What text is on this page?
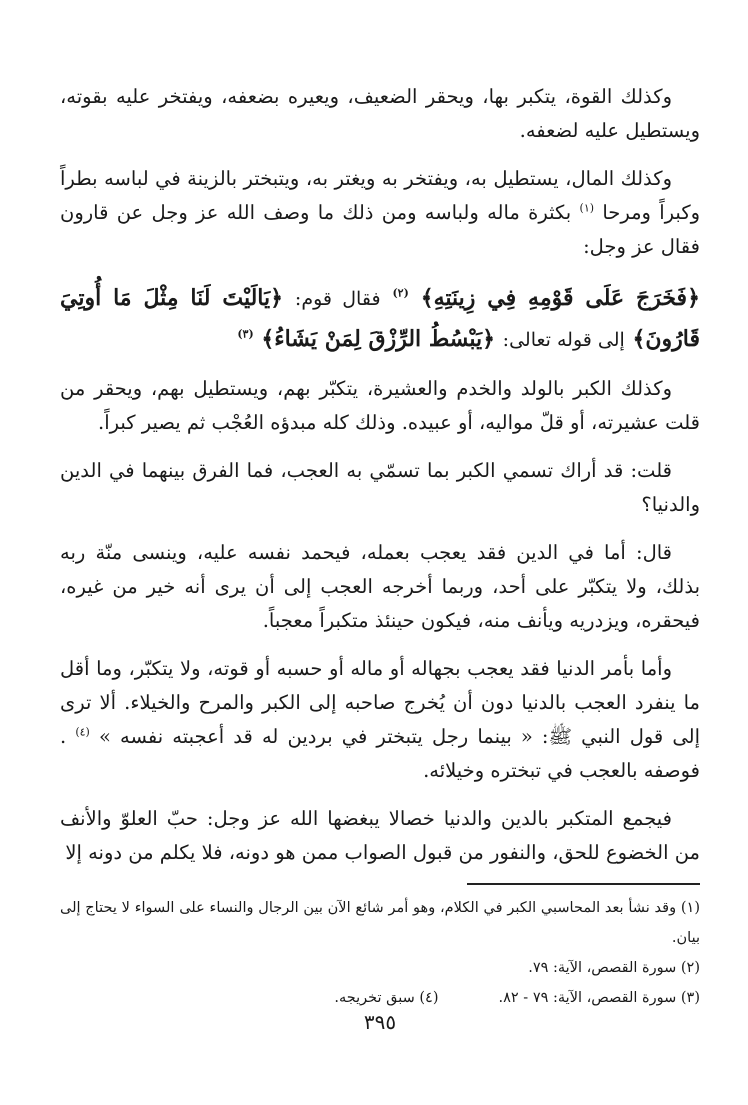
وكذلك القوة، يتكبر بها، ويحقر الضعيف، ويعيره بضعفه، ويفتخر عليه بقوته، ويستطيل عليه لضعفه.

وكذلك المال، يستطيل به، ويفتخر به ويغتر به، ويتبختر بالزينة في لباسه بطراً وكبراً ومرحا $^{(١)}$ بكثرة ماله ولباسه ومن ذلك ما وصف الله عز وجل عن قارون فقال عز وجل:

﴿فَخَرَجَ عَلَى قَوْمِهِ فِي زِينَتِهِ﴾ $^{(٢)}$ فقال قوم: ﴿يَالَيْتَ لَنَا مِثْلَ مَا أُوتِيَ قَارُونَ﴾ إلى قوله تعالى: ﴿يَبْسُطُ الرِّزْقَ لِمَنْ يَشَاءُ﴾ $^{(٣)}$

وكذلك الكبر بالولد والخدم والعشيرة، يتكبّر بهم، ويستطيل بهم، ويحقر من قلت عشيرته، أو قلّ مواليه، أو عبيده. وذلك كله مبدؤه العُجْب ثم يصير كبراً.

قلت: قد أراك تسمي الكبر بما تسمّي به العجب، فما الفرق بينهما في الدين والدنيا؟

قال: أما في الدين فقد يعجب بعمله، فيحمد نفسه عليه، وينسى منّة ربه بذلك، ولا يتكبّر على أحد، وربما أخرجه العجب إلى أن يرى أنه خير من غيره، فيحقره، ويزدريه ويأنف منه، فيكون حينئذ متكبراً معجباً.

وأما بأمر الدنيا فقد يعجب بجهاله أو ماله أو حسبه أو قوته، ولا يتكبّر، وما أقل ما ينفرد العجب بالدنيا دون أن يُخرج صاحبه إلى الكبر والمرح والخيلاء. ألا ترى إلى قول النبي ﷺ: « بينما رجل يتبختر في بردين له قد أعجبته نفسه » $^{(٤)}$ . فوصفه بالعجب في تبختره وخيلائه.

فيجمع المتكبر بالدين والدنيا خصالا يبغضها الله عز وجل: حبّ العلوّ والأنف من الخضوع للحق، والنفور من قبول الصواب ممن هو دونه، فلا يكلم من دونه إلا

(١) وقد نشأ بعد المحاسبي الكبر في الكلام، وهو أمر شائع الآن بين الرجال والنساء على السواء لا يحتاج إلى بيان.

(٢) سورة القصص، الآية: ٧٩.

(٣) سورة القصص، الآية: ٧٩ - ٨٢.
(٤) سبق تخريجه.
٣٩٥
